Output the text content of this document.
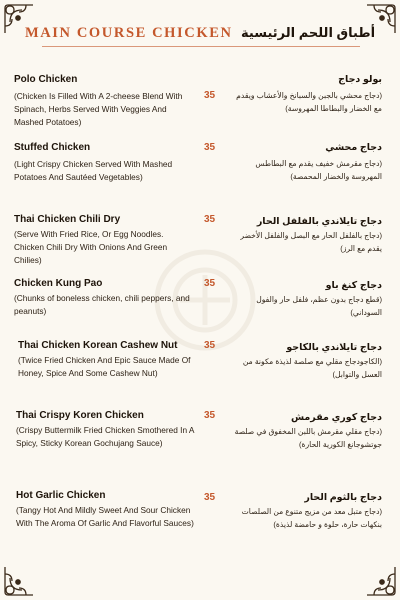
MAIN COURSE CHICKEN أطباق اللحم الرئيسية
Polo Chicken
(Chicken Is Filled With A 2-cheese Blend With Spinach, Herbs Served With Veggies And Mashed Potatoes)
35
بولو دجاج
(دجاج محشي بالجبن والسبانخ والأعشاب ويقدم مع الخضار والبطاطا المهروسة)
Stuffed Chicken
(Light Crispy Chicken Served With Mashed Potatoes And Sautéed Vegetables)
35	دجاج محشي
(دجاج مقرمش خفيف يقدم مع البطاطس المهروسة والخضار المحمصة)
Thai Chicken Chili Dry
(Serve With Fried Rice, Or Egg Noodles. Chicken Chili Dry With Onions And Green Chilies)
35	دجاج تايلاندي بالفلفل الحار
(دجاج بالفلفل الحار مع البصل والفلفل الأخضر يقدم مع الرز)
Chicken Kung Pao
(Chunks of boneless chicken, chili peppers, and peanuts)
35	دجاج كنغ باو
(قطع دجاج بدون عظم، فلفل حار والفول السوداني)
Thai Chicken Korean Cashew Nut
(Twice Fried Chicken And Epic Sauce Made Of Honey, Spice And Some Cashew Nut)
35	دجاج تايلاندي بالكاجو
(الكاجودجاج مقلي مع صلصة لذيذة مكونة من العسل والتوابل)
Thai Crispy Koren Chicken
(Crispy Buttermilk Fried Chicken Smothered In A Spicy, Sticky Korean Gochujang Sauce)
35	دجاج كوري مقرمش
(دجاج مقلي مقرمش باللبن المخفوق في صلصة جوتشوجانغ الكورية الحارة)
Hot Garlic Chicken
(Tangy Hot And Mildly Sweet And Sour Chicken With The Aroma Of Garlic And Flavorful Sauces)
35	دجاج بالثوم الحار
(دجاج متبل معد من مزيج متنوع من الصلصات بنكهات حارة، حلوة و حامضة لذيذة)
